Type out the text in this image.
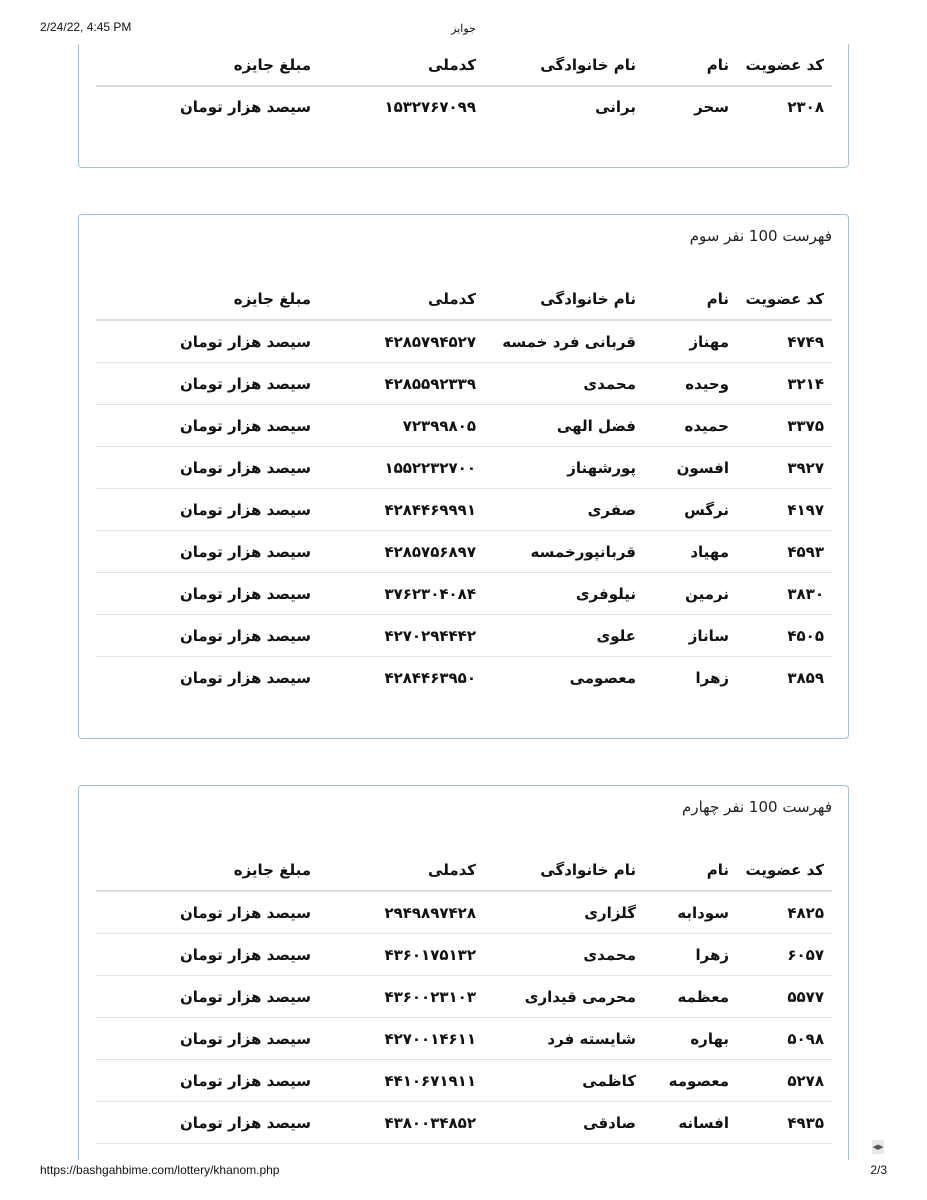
2/24/22, 4:45 PM	جوایز
کد عضویت	نام	نام خانوادگی	کدملی	مبلغ جایزه
۲۳۰۸	سحر	برانی	۱۵۳۲۷۶۷۰۹۹	سیصد هزار تومان
فهرست 100 نفر سوم
کد عضویت	نام	نام خانوادگی	کدملی	مبلغ جایزه
۴۷۴۹	مهناز	قربانی فرد خمسه	۴۲۸۵۷۹۴۵۲۷	سیصد هزار تومان
۳۲۱۴	وحیده	محمدی	۴۲۸۵۵۹۲۳۳۹	سیصد هزار تومان
۳۳۷۵	حمیده	فضل الهی	۷۲۳۹۹۸۰۵	سیصد هزار تومان
۳۹۲۷	افسون	پورشهناز	۱۵۵۲۲۳۲۷۰۰	سیصد هزار تومان
۴۱۹۷	نرگس	صفری	۴۲۸۴۴۶۹۹۹۱	سیصد هزار تومان
۴۵۹۳	مهیاد	قربانپورخمسه	۴۲۸۵۷۵۶۸۹۷	سیصد هزار تومان
۳۸۳۰	نرمین	نیلوفری	۳۷۶۲۳۰۴۰۸۴	سیصد هزار تومان
۴۵۰۵	ساناز	علوی	۴۲۷۰۲۹۴۴۴۲	سیصد هزار تومان
۳۸۵۹	زهرا	معصومی	۴۲۸۴۴۶۳۹۵۰	سیصد هزار تومان
فهرست 100 نفر چهارم
کد عضویت	نام	نام خانوادگی	کدملی	مبلغ جایزه
۴۸۲۵	سودابه	گلزاری	۲۹۴۹۸۹۷۴۲۸	سیصد هزار تومان
۶۰۵۷	زهرا	محمدی	۴۳۶۰۱۷۵۱۳۲	سیصد هزار تومان
۵۵۷۷	معظمه	محرمی قیداری	۴۳۶۰۰۲۳۱۰۳	سیصد هزار تومان
۵۰۹۸	بهاره	شایسته فرد	۴۲۷۰۰۱۴۶۱۱	سیصد هزار تومان
۵۲۷۸	معصومه	کاظمی	۴۴۱۰۶۷۱۹۱۱	سیصد هزار تومان
۴۹۳۵	افسانه	صادقی	۴۳۸۰۰۳۴۸۵۲	سیصد هزار تومان
◀▶
https://bashgahbime.com/lottery/khanom.php	2/3
